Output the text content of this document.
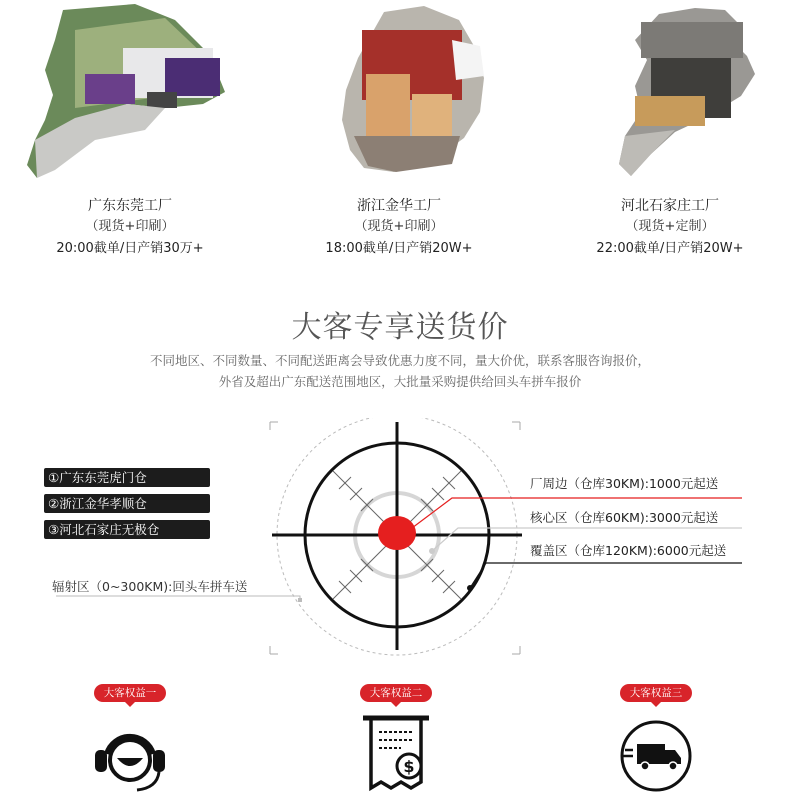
广东东莞工厂
（现货+印刷）
20:00截单/日产销30万+
浙江金华工厂
（现货+印刷）
18:00截单/日产销20W+
河北石家庄工厂
（现货+定制）
22:00截单/日产销20W+
大客专享送货价
不同地区、不同数量、不同配送距离会导致优惠力度不同，量大价优，联系客服咨询报价，
外省及超出广东配送范围地区，大批量采购提供给回头车拼车报价
①广东东莞虎门仓
②浙江金华孝顺仓
③河北石家庄无极仓
厂周边（仓库30KM):1000元起送
核心区（仓库60KM):3000元起送
覆盖区（仓库120KM):6000元起送
辐射区（0~300KM):回头车拼车送
大客权益一	大客权益二
$
大客权益三
